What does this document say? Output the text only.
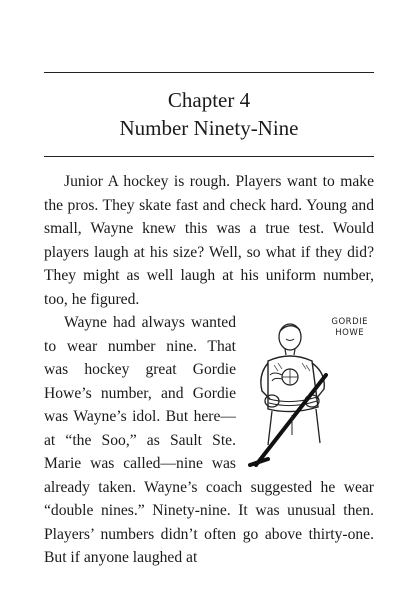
Chapter 4
Number Ninety-Nine

Junior A hockey is rough. Players want to make the pros. They skate fast and check hard. Young and small, Wayne knew this was a true test. Would players laugh at his size? Well, so what if they did? They might as well laugh at his uniform number, too, he figured.

GORDIE
HOWE

Wayne had always wanted to wear number nine. That was hockey great Gordie Howe’s number, and Gordie was Wayne’s idol. But here—at “the Soo,” as Sault Ste. Marie was called—nine was already taken. Wayne’s coach suggested he wear “double nines.” Ninety-nine. It was unusual then. Players’ numbers didn’t often go above thirty-one. But if anyone laughed at
